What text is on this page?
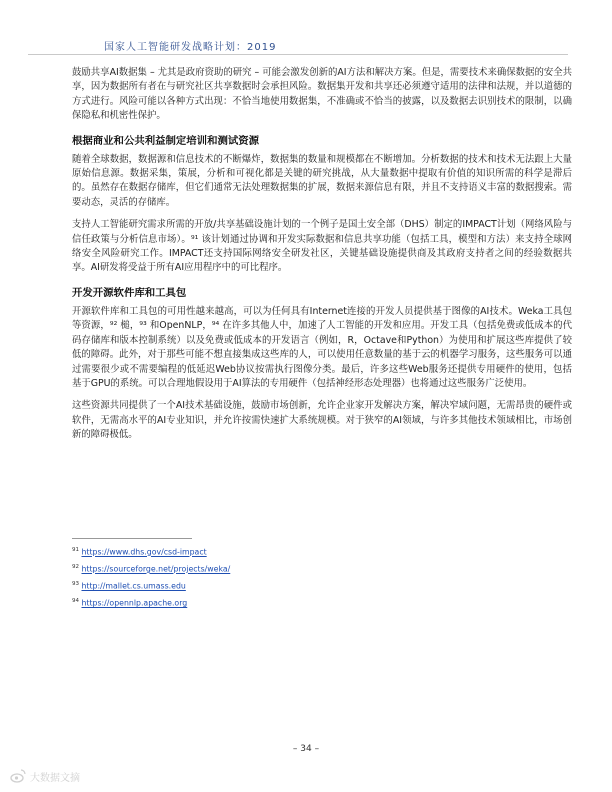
国家人工智能研发战略计划：2019

鼓励共享AI数据集 – 尤其是政府资助的研究 – 可能会激发创新的AI方法和解决方案。但是，需要技术来确保数据的安全共享，因为数据所有者在与研究社区共享数据时会承担风险。数据集开发和共享还必须遵守适用的法律和法规，并以道德的方式进行。风险可能以各种方式出现：不恰当地使用数据集，不准确或不恰当的披露，以及数据去识别技术的限制，以确保隐私和机密性保护。

根据商业和公共利益制定培训和测试资源

随着全球数据，数据源和信息技术的不断爆炸，数据集的数量和规模都在不断增加。分析数据的技术和技术无法跟上大量原始信息源。数据采集，策展，分析和可视化都是关键的研究挑战，从大量数据中提取有价值的知识所需的科学是滞后的。虽然存在数据存储库，但它们通常无法处理数据集的扩展，数据来源信息有限，并且不支持语义丰富的数据搜索。需要动态，灵活的存储库。

支持人工智能研究需求所需的开放/共享基础设施计划的一个例子是国土安全部（DHS）制定的IMPACT计划（网络风险与信任政策与分析信息市场）。⁹¹ 该计划通过协调和开发实际数据和信息共享功能（包括工具，模型和方法）来支持全球网络安全风险研究工作。IMPACT还支持国际网络安全研发社区，关键基础设施提供商及其政府支持者之间的经验数据共享。AI研发将受益于所有AI应用程序中的可比程序。

开发开源软件库和工具包

开源软件库和工具包的可用性越来越高，可以为任何具有Internet连接的开发人员提供基于图像的AI技术。Weka工具包等资源，⁹² 槌，⁹³ 和OpenNLP，⁹⁴ 在许多其他人中，加速了人工智能的开发和应用。开发工具（包括免费或低成本的代码存储库和版本控制系统）以及免费或低成本的开发语言（例如，R，Octave和Python）为使用和扩展这些库提供了较低的障碍。此外，对于那些可能不想直接集成这些库的人，可以使用任意数量的基于云的机器学习服务，这些服务可以通过需要很少或不需要编程的低延迟Web协议按需执行图像分类。最后，许多这些Web服务还提供专用硬件的使用，包括基于GPU的系统。可以合理地假设用于AI算法的专用硬件（包括神经形态处理器）也将通过这些服务广泛使用。

这些资源共同提供了一个AI技术基础设施，鼓励市场创新，允许企业家开发解决方案，解决窄域问题，无需昂贵的硬件或软件，无需高水平的AI专业知识，并允许按需快速扩大系统规模。对于狭窄的AI领域，与许多其他技术领域相比，市场创新的障碍极低。

$^{91}$ https://www.dhs.gov/csd-impact
$^{92}$ https://sourceforge.net/projects/weka/
$^{93}$ http://mallet.cs.umass.edu
$^{94}$ https://opennlp.apache.org
– 34 –
大数据文摘
